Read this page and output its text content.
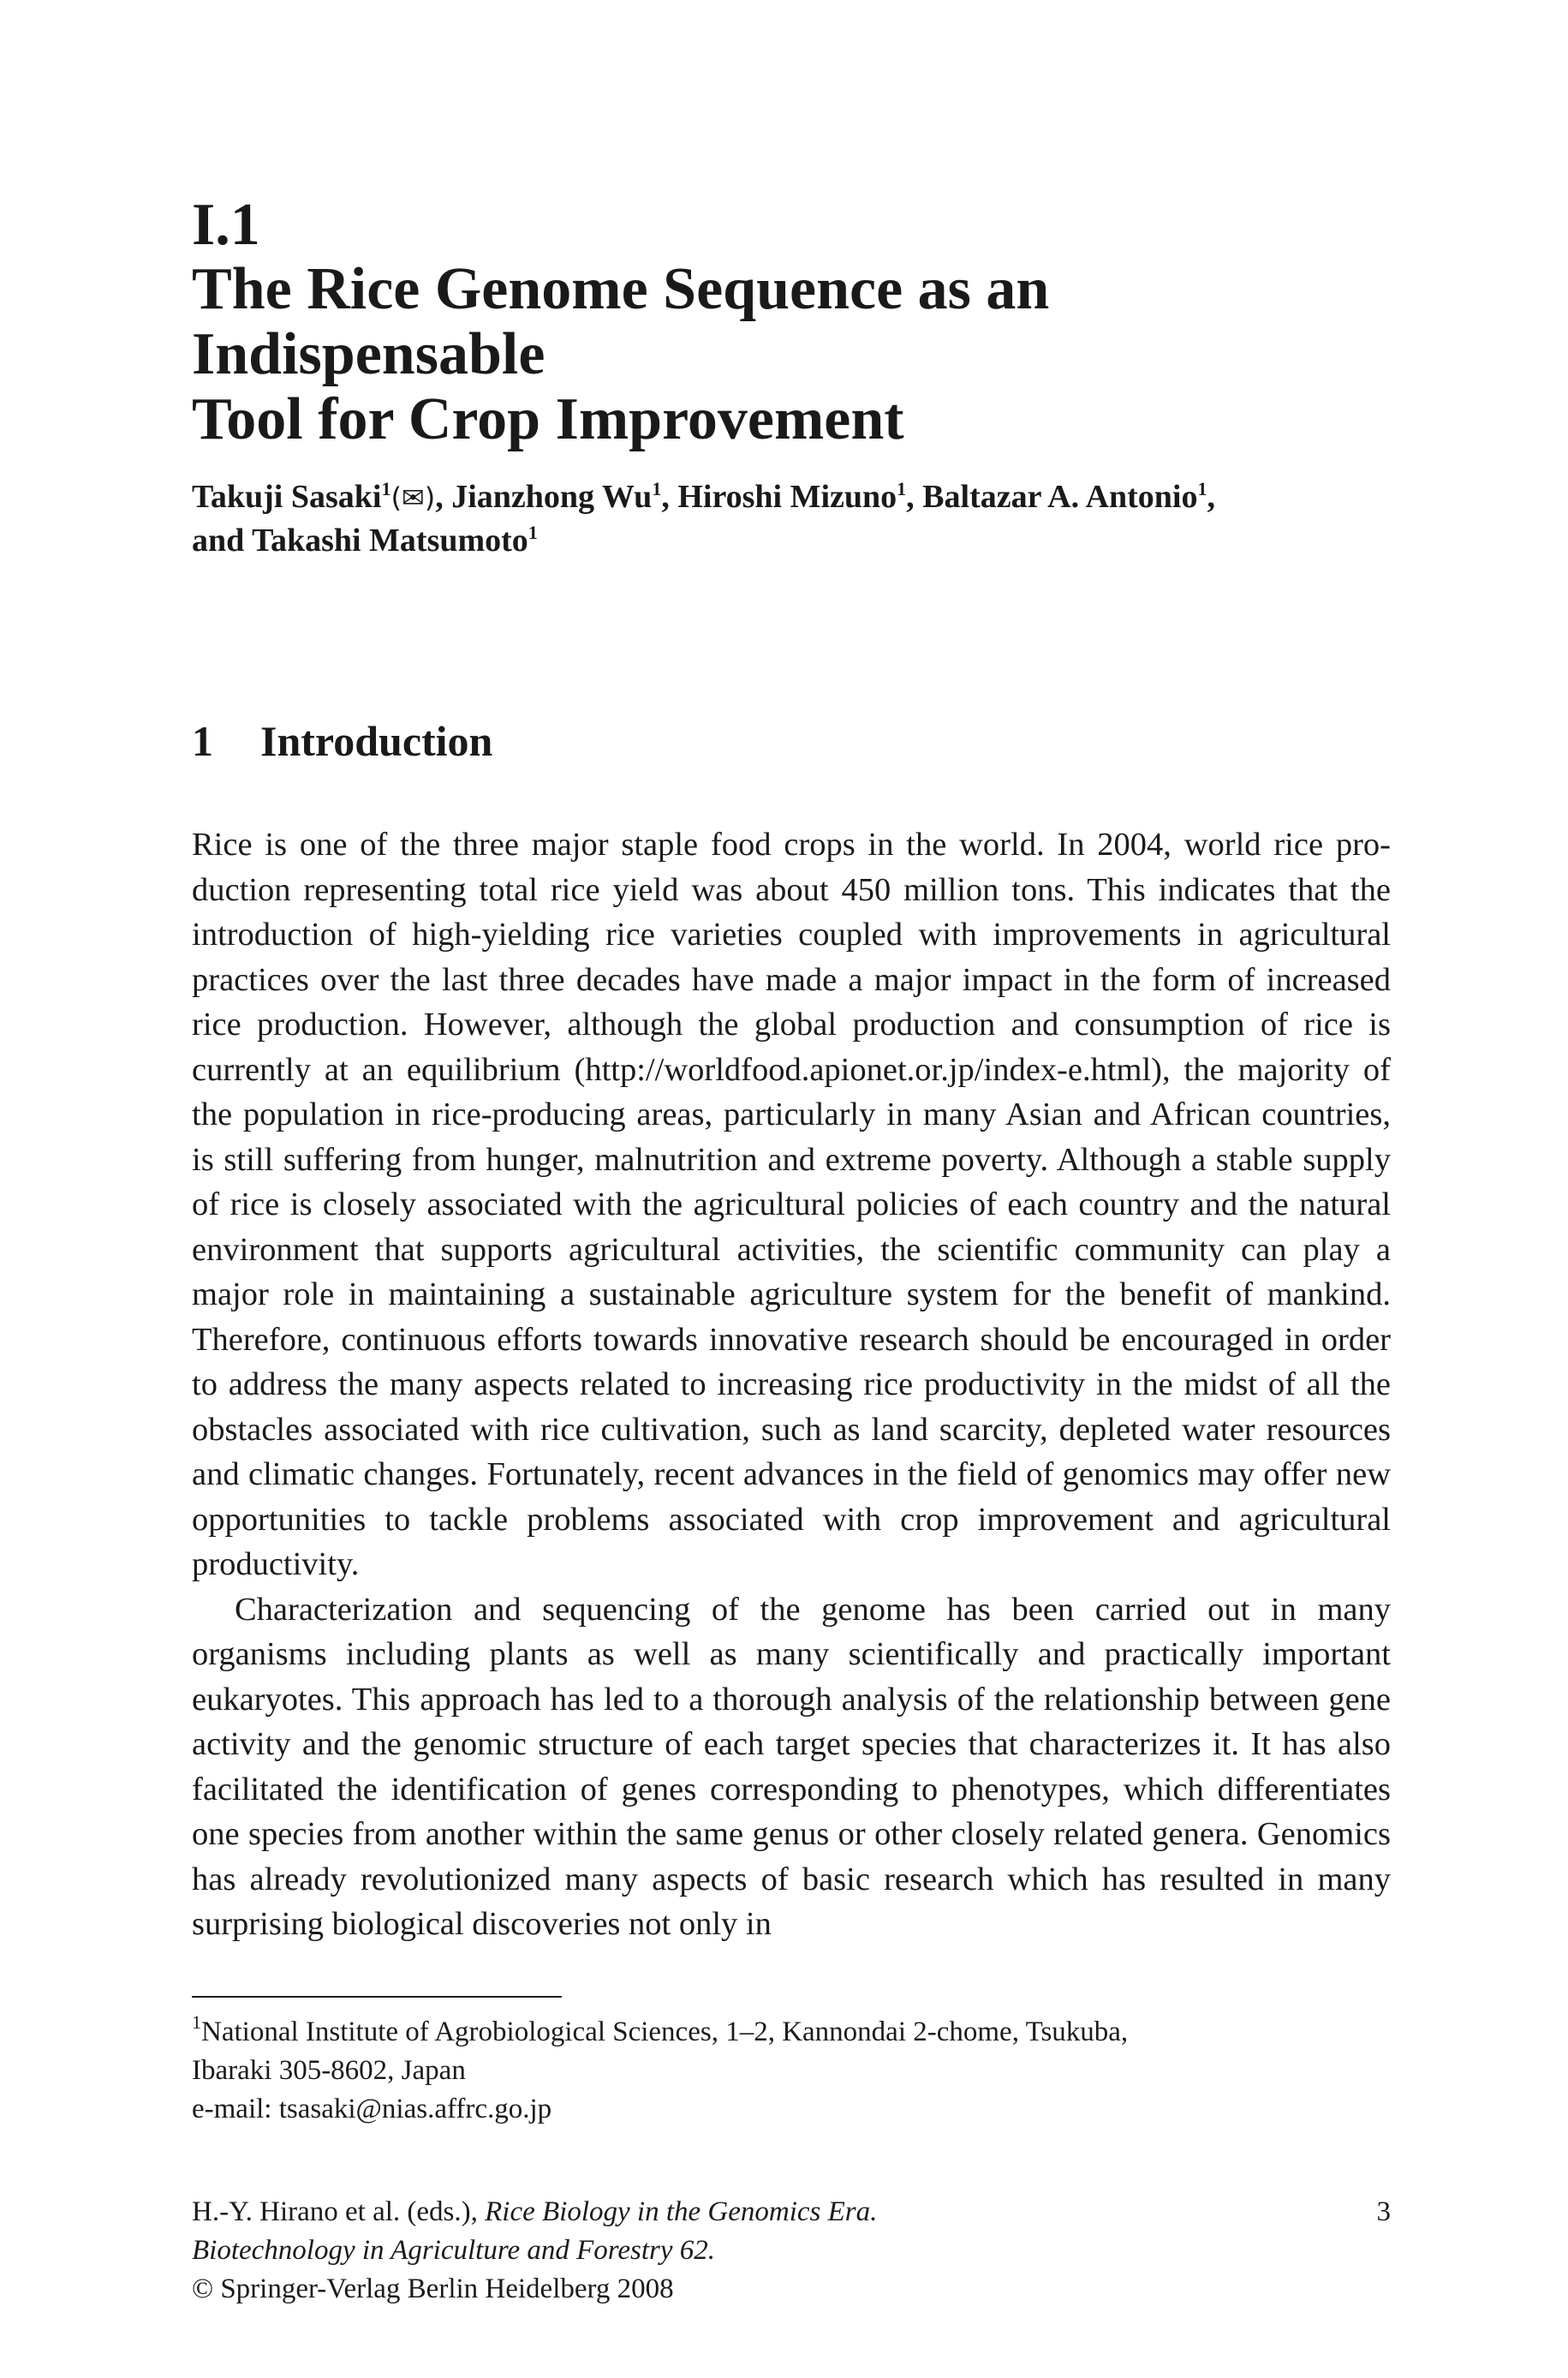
I.1
The Rice Genome Sequence as an Indispensable
Tool for Crop Improvement
Takuji Sasaki$^1$(✉), Jianzhong Wu$^1$, Hiroshi Mizuno$^1$, Baltazar A. Antonio$^1$,
and Takashi Matsumoto$^1$
1 Introduction

Rice is one of the three major staple food crops in the world. In 2004, world rice production representing total rice yield was about 450 million tons. This indicates that the introduction of high-yielding rice varieties coupled with improvements in agricultural practices over the last three decades have made a major impact in the form of increased rice production. However, although the global production and consumption of rice is currently at an equilibrium (http://worldfood.apionet.or.jp/index-e.html), the majority of the population in rice-producing areas, particularly in many Asian and African countries, is still suffering from hunger, malnutrition and extreme poverty. Although a stable supply of rice is closely associated with the agricultural policies of each country and the natural environment that supports agricultural activities, the scientific community can play a major role in maintaining a sustainable agriculture system for the benefit of mankind. Therefore, continuous efforts towards innovative research should be encouraged in order to address the many aspects related to increasing rice productivity in the midst of all the obstacles associated with rice cultivation, such as land scarcity, depleted water resources and climatic changes. Fortunately, recent advances in the field of genomics may offer new opportunities to tackle problems associated with crop improvement and agricultural productivity.

Characterization and sequencing of the genome has been carried out in many organisms including plants as well as many scientifically and practically important eukaryotes. This approach has led to a thorough analysis of the relationship between gene activity and the genomic structure of each target species that characterizes it. It has also facilitated the identification of genes corresponding to phenotypes, which differentiates one species from another within the same genus or other closely related genera. Genomics has already revolutionized many aspects of basic research which has resulted in many surprising biological discoveries not only in

$^1$National Institute of Agrobiological Sciences, 1–2, Kannondai 2-chome, Tsukuba,
Ibaraki 305-8602, Japan
e-mail: tsasaki@nias.affrc.go.jp
H.-Y. Hirano et al. (eds.), Rice Biology in the Genomics Era.	3
Biotechnology in Agriculture and Forestry 62.
© Springer-Verlag Berlin Heidelberg 2008
